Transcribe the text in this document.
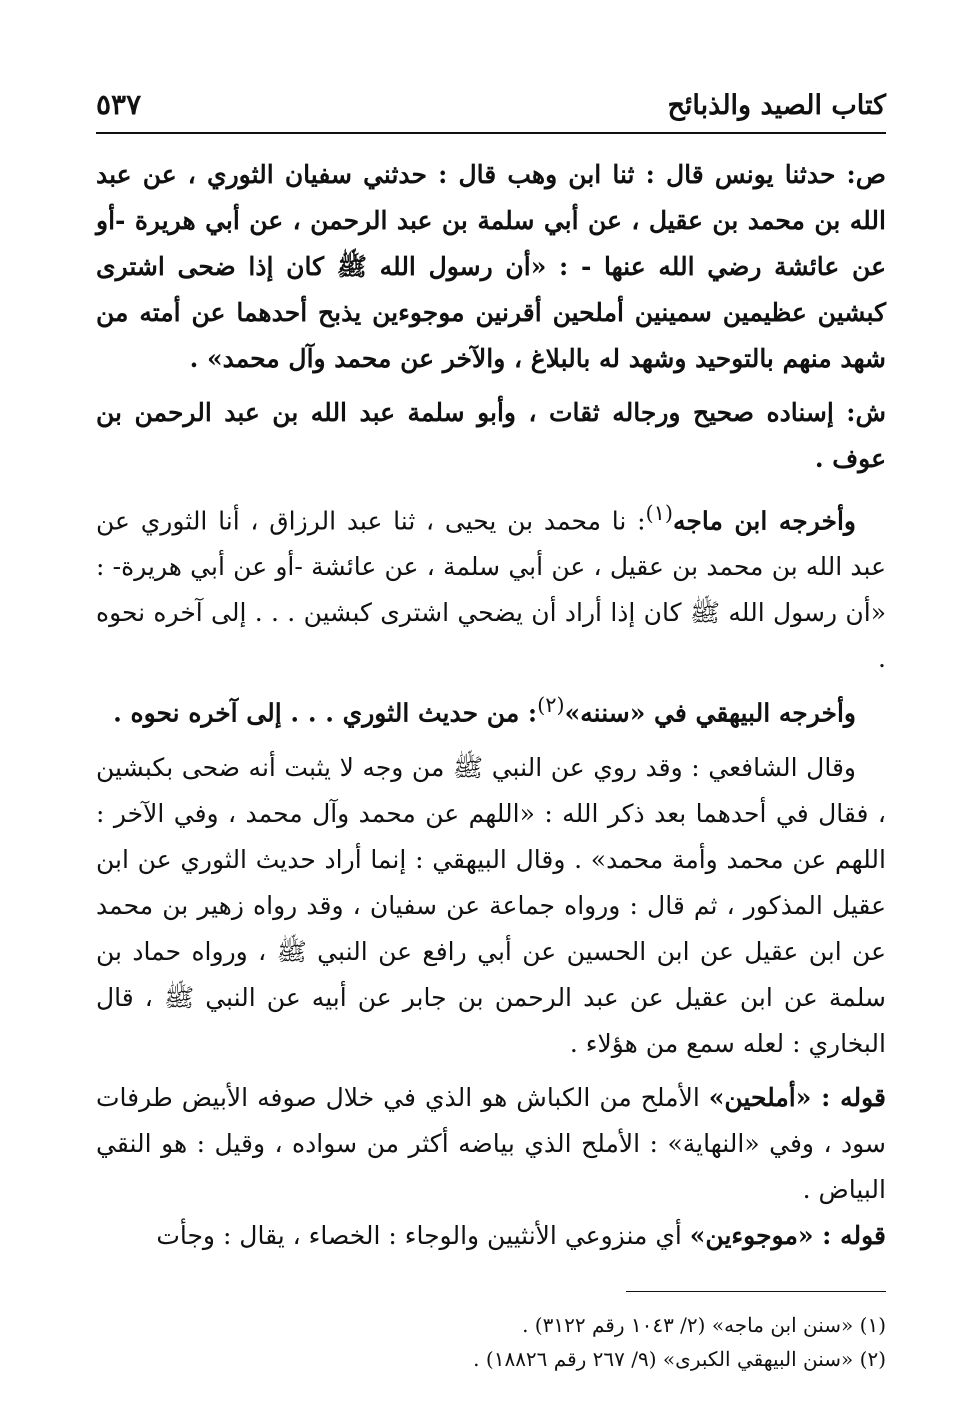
كتاب الصيد والذبائح
٥٣٧

ص: حدثنا يونس قال : ثنا ابن وهب قال : حدثني سفيان الثوري ، عن عبد الله بن محمد بن عقيل ، عن أبي سلمة بن عبد الرحمن ، عن أبي هريرة -أو عن عائشة رضي الله عنها - : «أن رسول الله ﷺ كان إذا ضحى اشترى كبشين عظيمين سمينين أملحين أقرنين موجوءين يذبح أحدهما عن أمته من شهد منهم بالتوحيد وشهد له بالبلاغ ، والآخر عن محمد وآل محمد» .

ش: إسناده صحيح ورجاله ثقات ، وأبو سلمة عبد الله بن عبد الرحمن بن عوف .

وأخرجه ابن ماجه$^{(١)}$: نا محمد بن يحيى ، ثنا عبد الرزاق ، أنا الثوري عن عبد الله بن محمد بن عقيل ، عن أبي سلمة ، عن عائشة -أو عن أبي هريرة- : «أن رسول الله ﷺ كان إذا أراد أن يضحي اشترى كبشين . . . إلى آخره نحوه .

وأخرجه البيهقي في «سننه»$^{(٢)}$: من حديث الثوري . . . إلى آخره نحوه .

وقال الشافعي : وقد روي عن النبي ﷺ من وجه لا يثبت أنه ضحى بكبشين ، فقال في أحدهما بعد ذكر الله : «اللهم عن محمد وآل محمد ، وفي الآخر : اللهم عن محمد وأمة محمد» . وقال البيهقي : إنما أراد حديث الثوري عن ابن عقيل المذكور ، ثم قال : ورواه جماعة عن سفيان ، وقد رواه زهير بن محمد عن ابن عقيل عن ابن الحسين عن أبي رافع عن النبي ﷺ ، ورواه حماد بن سلمة عن ابن عقيل عن عبد الرحمن بن جابر عن أبيه عن النبي ﷺ ، قال البخاري : لعله سمع من هؤلاء .

قوله : «أملحين» الأملح من الكباش هو الذي في خلال صوفه الأبيض طرفات سود ، وفي «النهاية» : الأملح الذي بياضه أكثر من سواده ، وقيل : هو النقي البياض .

قوله : «موجوءين» أي منزوعي الأنثيين والوجاء : الخصاء ، يقال : وجأت

(١) «سنن ابن ماجه» (٢/ ١٠٤٣ رقم ٣١٢٢) .

(٢) «سنن البيهقي الكبرى» (٩/ ٢٦٧ رقم ١٨٨٢٦) .
